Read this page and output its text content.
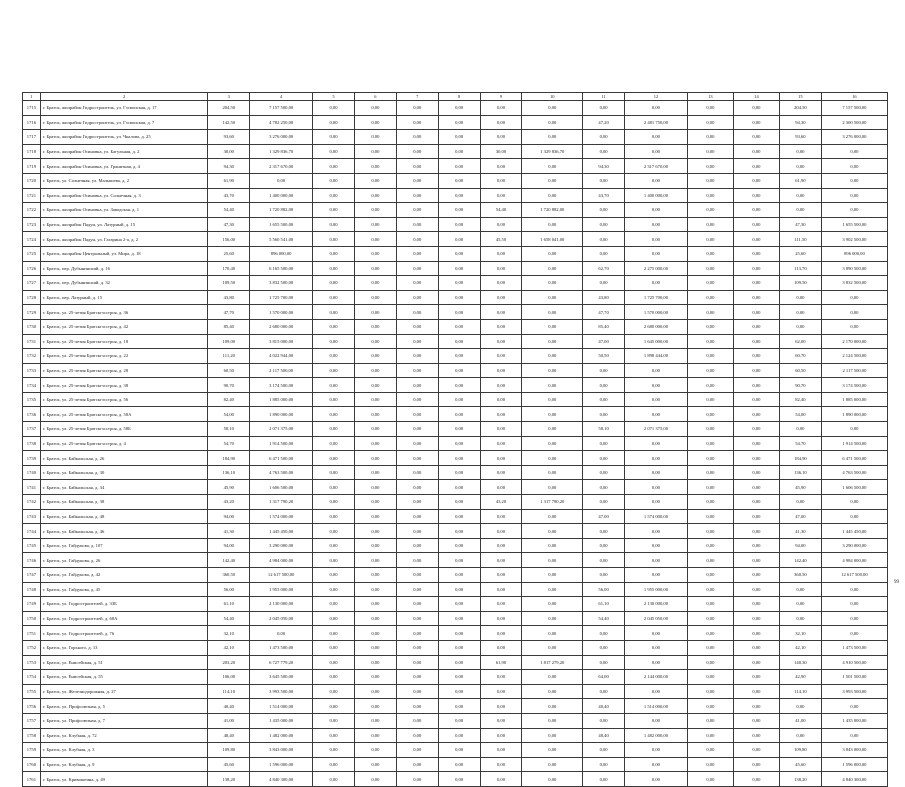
1	2	3	4	5	6	7	8	9	10	11	12	13	14	15	16
1715	г. Братск, жилрайон Гидростроитель, ул. Гэсвоиская, д. 17	204,50	7 157 500,00	0,00	0,00	0,00	0,00	0,00	0,00	0,00	0,00	0,00	0,00	204,50	7 157 500,00
1716	г. Братск, жилрайон Гидростроитель, ул. Гэсвоиская, д. 7	142,50	4 782 250,00	0,00	0,00	0,00	0,00	0,00	0,00	47,20	2 481 750,00	0,00	0,00	94,30	2 300 500,00
1717	г. Братск, жилрайон Гидростроитель, ул. Чкалова, д. 25	93,60	3 276 000,00	0,00	0,00	0,00	0,00	0,00	0,00	0,00	0,00	0,00	0,00	93,60	3 276 000,00
1718	г. Братск, жилрайон Осиновка, ул. Багульная, д. 2	30,00	1 329 836,70	0,00	0,00	0,00	0,00	30,00	1 329 836,70	0,00	0,00	0,00	0,00	0,00	0,00
1719	г. Братск, жилрайон Осиновка, ул. Гранитная, д. 4	94,30	2 317 670,00	0,00	0,00	0,00	0,00	0,00	0,00	94,30	2 317 670,00	0,00	0,00	0,00	0,00
1720	г. Братск, ул. Солнечная, ул. Малышева, д. 2	61,90	0,00	0,00	0,00	0,00	0,00	0,00	0,00	0,00	0,00	0,00	0,00	61,90	0,00
1721	г. Братск, жилрайон Осиновка, ул. Солнечная, д. 3	43,70	1 400 000,00	0,00	0,00	0,00	0,00	0,00	0,00	43,70	1 400 000,00	0,00	0,00	0,00	0,00
1722	г. Братск, жилрайон Осиновка, ул. Заводская, д. 1	54,40	1 720 882,00	0,00	0,00	0,00	0,00	54,40	1 720 882,00	0,00	0,00	0,00	0,00	0,00	0,00
1723	г. Братск, жилрайон Падун, ул. Лазурный, д. 15	47,30	1 655 500,00	0,00	0,00	0,00	0,00	0,00	0,00	0,00	0,00	0,00	0,00	47,30	1 655 500,00
1724	г. Братск, жилрайон Падун, ул. Гагарина 2-а, д. 2	156,00	5 560 541,00	0,00	0,00	0,00	0,00	45,50	1 658 041,00	0,00	0,00	0,00	0,00	111,50	3 902 500,00
1725	г. Братск, жилрайон Центральный, ул. Мира, д. 18	25,60	896 000,00	0,00	0,00	0,00	0,00	0,00	0,00	0,00	0,00	0,00	0,00	25,60	896 000,00
1726	г. Братск, пер. Дубынинский, д. 16	170,40	6 165 500,00	0,00	0,00	0,00	0,00	0,00	0,00	62,70	2 275 000,00	0,00	0,00	113,70	3 890 500,00
1727	г. Братск, пер. Дубынинский, д. 32	109,50	3 832 500,00	0,00	0,00	0,00	0,00	0,00	0,00	0,00	0,00	0,00	0,00	109,50	3 832 500,00
1728	г. Братск, пер. Лазурный, д. 15	43,80	1 725 700,00	0,00	0,00	0,00	0,00	0,00	0,00	43,80	1 725 700,00	0,00	0,00	0,00	0,00
1729	г. Братск, ул. 25-летия Братскгэсстроя, д. 36	47,70	1 570 000,00	0,00	0,00	0,00	0,00	0,00	0,00	47,70	1 570 000,00	0,00	0,00	0,00	0,00
1730	г. Братск, ул. 25-летия Братскгэсстроя, д. 42	85,40	2 680 000,00	0,00	0,00	0,00	0,00	0,00	0,00	85,40	2 680 000,00	0,00	0,00	0,00	0,00
1731	г. Братск, ул. 25-летия Братскгэсстроя, д. 18	109,00	3 815 000,00	0,00	0,00	0,00	0,00	0,00	0,00	47,00	1 645 000,00	0,00	0,00	62,00	2 170 000,00
1732	г. Братск, ул. 25-летия Братскгэсстроя, д. 22	111,20	4 022 944,00	0,00	0,00	0,00	0,00	0,00	0,00	50,50	1 898 444,00	0,00	0,00	60,70	2 124 500,00
1733	г. Братск, ул. 25-летия Братскгэсстроя, д. 28	60,50	2 117 500,00	0,00	0,00	0,00	0,00	0,00	0,00	0,00	0,00	0,00	0,00	60,50	2 117 500,00
1734	г. Братск, ул. 25-летия Братскгэсстроя, д. 38	90,70	3 174 500,00	0,00	0,00	0,00	0,00	0,00	0,00	0,00	0,00	0,00	0,00	90,70	3 174 500,00
1735	г. Братск, ул. 25-летия Братскгэсстроя, д. 56	82,40	1 885 000,00	0,00	0,00	0,00	0,00	0,00	0,00	0,00	0,00	0,00	0,00	82,40	1 885 000,00
1736	г. Братск, ул. 25-летия Братскгэсстроя, д. 58А	54,00	1 890 000,00	0,00	0,00	0,00	0,00	0,00	0,00	0,00	0,00	0,00	0,00	54,00	1 890 000,00
1737	г. Братск, ул. 25-летия Братскгэсстроя, д. 58Б	58,10	2 071 375,00	0,00	0,00	0,00	0,00	0,00	0,00	58,10	2 071 375,00	0,00	0,00	0,00	0,00
1738	г. Братск, ул. 25-летия Братскгэсстроя, д. 4	54,70	1 914 500,00	0,00	0,00	0,00	0,00	0,00	0,00	0,00	0,00	0,00	0,00	54,70	1 914 500,00
1739	г. Братск, ул. Байкальская, д. 26	184,90	6 471 500,00	0,00	0,00	0,00	0,00	0,00	0,00	0,00	0,00	0,00	0,00	184,90	6 471 500,00
1740	г. Братск, ул. Байкальская, д. 30	136,10	4 763 500,00	0,00	0,00	0,00	0,00	0,00	0,00	0,00	0,00	0,00	0,00	136,10	4 763 500,00
1741	г. Братск, ул. Байкальская, д. 34	45,90	1 606 500,00	0,00	0,00	0,00	0,00	0,00	0,00	0,00	0,00	0,00	0,00	45,90	1 606 500,00
1742	г. Братск, ул. Байкальская, д. 38	43,20	1 317 790,20	0,00	0,00	0,00	0,00	43,20	1 317 790,20	0,00	0,00	0,00	0,00	0,00	0,00
1743	г. Братск, ул. Байкальская, д. 48	94,00	1 574 000,00	0,00	0,00	0,00	0,00	0,00	0,00	47,00	1 574 000,00	0,00	0,00	47,00	0,00
1744	г. Братск, ул. Байкальская, д. 46	41,30	1 445 450,00	0,00	0,00	0,00	0,00	0,00	0,00	0,00	0,00	0,00	0,00	41,30	1 445 450,00
1745	г. Братск, ул. Гайдукова, д. 107	94,00	3 290 000,00	0,00	0,00	0,00	0,00	0,00	0,00	0,00	0,00	0,00	0,00	94,00	3 290 000,00
1746	г. Братск, ул. Гайдукова, д. 26	142,40	4 984 000,00	0,00	0,00	0,00	0,00	0,00	0,00	0,00	0,00	0,00	0,00	142,40	4 984 000,00
1747	г. Братск, ул. Гайдукова, д. 42	360,50	12 617 500,00	0,00	0,00	0,00	0,00	0,00	0,00	0,00	0,00	0,00	0,00	360,50	12 617 500,00
1748	г. Братск, ул. Гайдукова, д. 45	56,00	1 955 000,00	0,00	0,00	0,00	0,00	0,00	0,00	56,00	1 955 000,00	0,00	0,00	0,00	0,00
1749	г. Братск, ул. Гидростроителей, д. 33Б	61,10	2 130 000,00	0,00	0,00	0,00	0,00	0,00	0,00	61,10	2 130 000,00	0,00	0,00	0,00	0,00
1750	г. Братск, ул. Гидростроителей, д. 68А	54,40	2 045 050,00	0,00	0,00	0,00	0,00	0,00	0,00	54,40	2 045 050,00	0,00	0,00	0,00	0,00
1751	г. Братск, ул. Гидростроителей, д. 76	32,10	0,00	0,00	0,00	0,00	0,00	0,00	0,00	0,00	0,00	0,00	0,00	32,10	0,00
1752	г. Братск, ул. Горького, д. 13	42,10	1 473 500,00	0,00	0,00	0,00	0,00	0,00	0,00	0,00	0,00	0,00	0,00	42,10	1 473 500,00
1753	г. Братск, ул. Енисейская, д. 51	203,20	6 727 779,20	0,00	0,00	0,00	0,00	61,90	1 817 279,20	0,00	0,00	0,00	0,00	140,30	4 910 500,00
1754	г. Братск, ул. Енисейская, д. 55	106,00	3 645 500,00	0,00	0,00	0,00	0,00	0,00	0,00	64,00	2 144 000,00	0,00	0,00	42,90	1 501 500,00
1755	г. Братск, ул. Железнодорожная, д. 27	114,10	3 993 500,00	0,00	0,00	0,00	0,00	0,00	0,00	0,00	0,00	0,00	0,00	114,10	3 993 500,00
1756	г. Братск, ул. Профсоюзная, д. 5	40,40	1 514 000,00	0,00	0,00	0,00	0,00	0,00	0,00	40,40	1 514 000,00	0,00	0,00	0,00	0,00
1757	г. Братск, ул. Профсоюзная, д. 7	41,00	1 435 000,00	0,00	0,00	0,00	0,00	0,00	0,00	0,00	0,00	0,00	0,00	41,00	1 435 000,00
1758	г. Братск, ул. Клубная, д. 72	48,40	1 482 000,00	0,00	0,00	0,00	0,00	0,00	0,00	48,40	1 482 000,00	0,00	0,00	0,00	0,00
1759	г. Братск, ул. Клубная, д. 3	109,80	3 843 000,00	0,00	0,00	0,00	0,00	0,00	0,00	0,00	0,00	0,00	0,00	109,80	3 843 000,00
1760	г. Братск, ул. Клубная, д. 9	45,60	1 596 000,00	0,00	0,00	0,00	0,00	0,00	0,00	0,00	0,00	0,00	0,00	45,60	1 596 000,00
1761	г. Братск, ул. Кривошеина, д. 49	138,20	4 840 300,00	0,00	0,00	0,00	0,00	0,00	0,00	0,00	0,00	0,00	0,00	138,20	4 840 300,00
99
